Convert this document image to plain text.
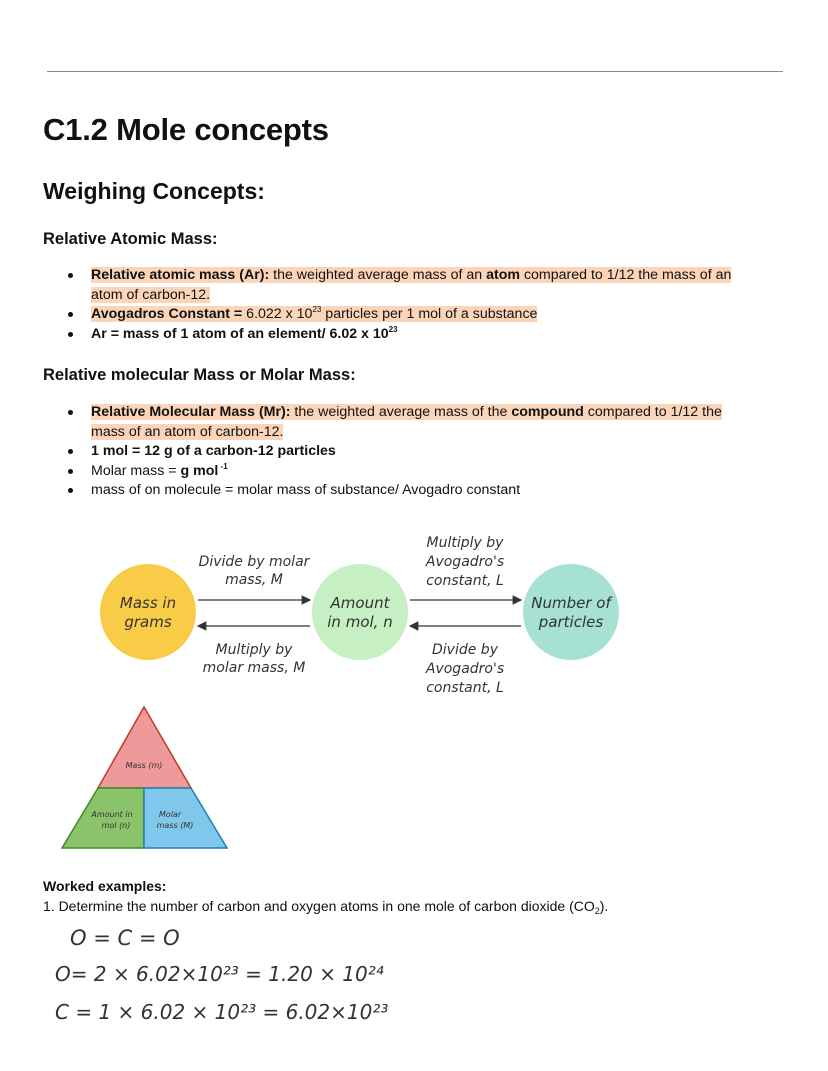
C1.2 Mole concepts
Weighing Concepts:

Relative Atomic Mass:

Relative atomic mass (Ar): the weighted average mass of an atom compared to 1/12 the mass of an
atom of carbon-12.
Avogadros Constant = 6.022 x $10^{23}$ particles per 1 mol of a substance
Ar = mass of 1 atom of an element/ 6.02 x $10^{23}$

Relative molecular Mass or Molar Mass:

Relative Molecular Mass (Mr): the weighted average mass of the compound compared to 1/12 the
mass of an atom of carbon-12.
1 mol = 12 g of a carbon-12 particles
Molar mass = g mol $^{-1}$
mass of on molecule = molar mass of substance/ Avogadro constant
Mass in
grams
Amount
in mol, n
Number of
particles
Divide by molar
mass, M
Multiply by
molar mass, M
Multiply by
Avogadro's
constant, L
Divide by
Avogadro's
constant, L
Mass (m)
Amount in
mol (n)
Molar
mass (M)
O = C = O
O= 2 × 6.02×10²³ = 1.20 × 10²⁴
C = 1 × 6.02 × 10²³ = 6.02×10²³

Worked examples:

1. Determine the number of carbon and oxygen atoms in one mole of carbon dioxide $(CO_2)$.
